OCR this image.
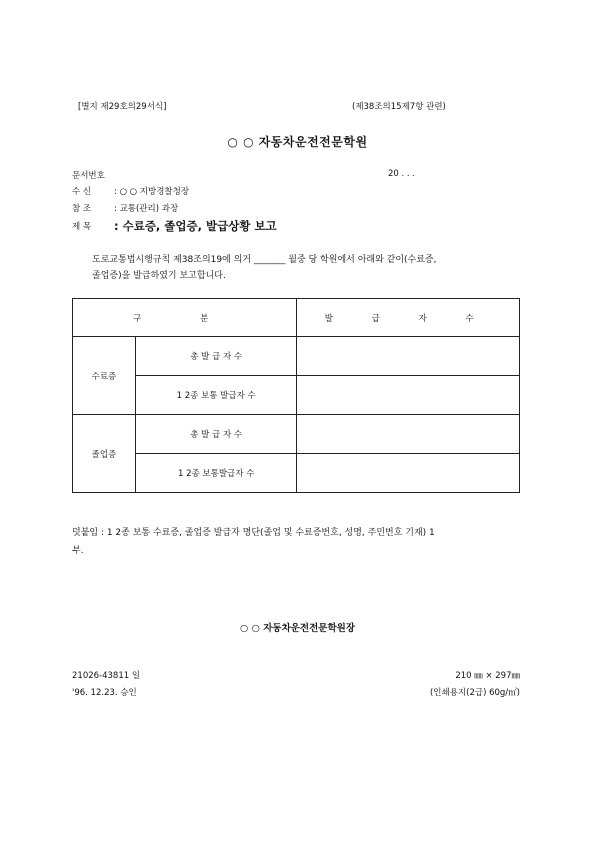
[별지 제29호의29서식]	(제38조의15제7항 관련)
○ ○ 자동차운전전문학원
문서번호	20 . . .
수 신	: ○ ○ 지방경찰청장
참 조	: 교통(관리) 과장
제 목 : 수료증, 졸업증, 발급상황 보고
도로교통법시행규칙 제38조의19에 의거 _______ 월중 당 학원에서 아래와 같이(수료증,
졸업증)을 발급하였기 보고합니다.
구 분		발 급 자 수
수료증	총 발 급 자 수	
	1 2종 보통 발급자 수	
졸업증	총 발 급 자 수	
	1 2종 보통발급자 수	
덧붙임 : 1 2종 보통 수료증, 졸업증 발급자 명단(졸업 및 수료증번호, 성명, 주민번호 기재) 1
부.
○ ○ 자동차운전전문학원장
21026-43811 일	210 ㎜ × 297㎜
'96. 12.23. 승인	(인쇄용지(2급) 60g/㎡)
